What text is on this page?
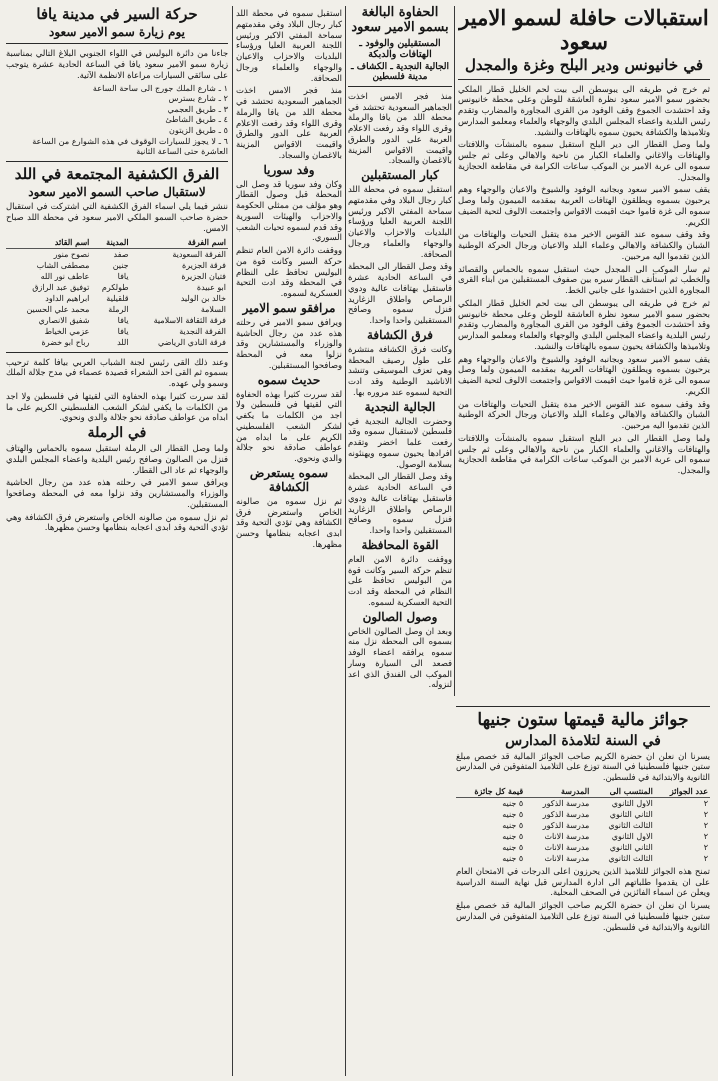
استقبالات حافلة لسمو الامير سعود
في خانيونس ودير البلح وغزة والمجدل

ثم خرج في طريقه الى يبوسطن الى بيت لحم الخليل قطار الملكي بحضور سمو الامير سعود نظرة العاشقة للوطن وعلى محطة خانيونس وقد احتشدت الجموع وقف الوفود من القرى المجاورة والمضارب وتقدم رئيس البلدية واعضاء المجلس البلدي والوجهاء والعلماء ومعلمو المدارس وتلاميذها والكشافة يحيون سموه بالهتافات والنشيد.

ولما وصل القطار الى دير البلح استقبل سموه بالمنشآت واللافتات والهتافات والاغاني والعلماء الكبار من ناحية والاهالي وعلى ثم جلس سموه الى عربة الامير بن الموكب ساعات الكرامة في مقاطعة الحجازية والمجدل.

يقف سمو الامير سعود وبجانبه الوفود والشيوخ والاعيان والوجهاء وهم يرحبون بسموه ويطلقون الهتافات العربية بمقدمه الميمون ولما وصل سموه الى غزة قاموا حيث اقيمت الاقواس واجتمعت الالوف لتحية الضيف الكريم.

وقد وقف سموه عند القوس الاخير مدة يتقبل التحيات والهتافات من الشبان والكشافة والاهالي وعلماء البلد والاعيان ورجال الحركة الوطنية الذين تقدموا اليه مرحبين.

ثم سار الموكب الى المجدل حيث استقبل سموه بالحماس والقصائد والخطب ثم استأنف القطار سيره بين صفوف المستقبلين من ابناء القرى المجاورة الذين احتشدوا على جانبي الخط.

ثم خرج في طريقه الى يبوسطن الى بيت لحم الخليل قطار الملكي بحضور سمو الامير سعود نظرة العاشقة للوطن وعلى محطة خانيونس وقد احتشدت الجموع وقف الوفود من القرى المجاورة والمضارب وتقدم رئيس البلدية واعضاء المجلس البلدي والوجهاء والعلماء ومعلمو المدارس وتلاميذها والكشافة يحيون سموه بالهتافات والنشيد.

يقف سمو الامير سعود وبجانبه الوفود والشيوخ والاعيان والوجهاء وهم يرحبون بسموه ويطلقون الهتافات العربية بمقدمه الميمون ولما وصل سموه الى غزة قاموا حيث اقيمت الاقواس واجتمعت الالوف لتحية الضيف الكريم.

وقد وقف سموه عند القوس الاخير مدة يتقبل التحيات والهتافات من الشبان والكشافة والاهالي وعلماء البلد والاعيان ورجال الحركة الوطنية الذين تقدموا اليه مرحبين.

ولما وصل القطار الى دير البلح استقبل سموه بالمنشآت واللافتات والهتافات والاغاني والعلماء الكبار من ناحية والاهالي وعلى ثم جلس سموه الى عربة الامير بن الموكب ساعات الكرامة في مقاطعة الحجازية والمجدل.

الحفاوة البالغة بسمو الامير سعود
المستقبلين والوفود ـ الهتافات والدبكة
الجالية النجدية ـ الكشاف ـ مدينة فلسطين

منذ فجر الامس اخذت الجماهير السعودية تحتشد في محطة اللد من يافا والرملة وقرى اللواء وقد رفعت الاعلام العربية على الدور والطرق واقيمت الاقواس المزينة بالاغصان والسجاد.

كبار المستقبلين

استقبل سموه في محطة اللد كبار رجال البلاد وفي مقدمتهم سماحة المفتي الاكبر ورئيس اللجنة العربية العليا ورؤساء البلديات والاحزاب والاعيان والوجهاء والعلماء ورجال الصحافة.

وقد وصل القطار الى المحطة في الساعة الحادية عشرة فاستقبل بهتافات عالية ودوي الرصاص واطلاق الزغاريد فنزل سموه وصافح المستقبلين واحدا واحدا.

فرق الكشافة

وكانت فرق الكشافة منتشرة على طول رصيف المحطة وهي تعزف الموسيقى وتنشد الاناشيد الوطنية وقد ادت التحية لسموه عند مروره بها.

الجالية النجدية

وحضرت الجالية النجدية في فلسطين لاستقبال سموه وقد رفعت علما اخضر وتقدم افرادها يحيون سموه ويهنئونه بسلامة الوصول.

وقد وصل القطار الى المحطة في الساعة الحادية عشرة فاستقبل بهتافات عالية ودوي الرصاص واطلاق الزغاريد فنزل سموه وصافح المستقبلين واحدا واحدا.

القوة المحافظة

ووقفت دائرة الامن العام تنظم حركة السير وكانت قوة من البوليس تحافظ على النظام في المحطة وقد ادت التحية العسكرية لسموه.

وصول الصالون

وبعد ان وصل الصالون الخاص بسموه الى المحطة نزل منه سموه يرافقه اعضاء الوفد فصعد الى السيارة وسار الموكب الى الفندق الذي اعد لنزوله.

استقبل سموه في محطة اللد كبار رجال البلاد وفي مقدمتهم سماحة المفتي الاكبر ورئيس اللجنة العربية العليا ورؤساء البلديات والاحزاب والاعيان والوجهاء والعلماء ورجال الصحافة.

منذ فجر الامس اخذت الجماهير السعودية تحتشد في محطة اللد من يافا والرملة وقرى اللواء وقد رفعت الاعلام العربية على الدور والطرق واقيمت الاقواس المزينة بالاغصان والسجاد.

وفد سوريا

وكان وفد سوريا قد وصل الى المحطة قبل وصول القطار وهو مؤلف من ممثلي الحكومة والاحزاب والهيئات السورية وقد قدم لسموه تحيات الشعب السوري.

ووقفت دائرة الامن العام تنظم حركة السير وكانت قوة من البوليس تحافظ على النظام في المحطة وقد ادت التحية العسكرية لسموه.

مرافقو سمو الامير

ويرافق سمو الامير في رحلته هذه عدد من رجال الحاشية والوزراء والمستشارين وقد نزلوا معه في المحطة وصافحوا المستقبلين.

حديث سموه

لقد سررت كثيرا بهذه الحفاوة التي لقيتها في فلسطين ولا اجد من الكلمات ما يكفي لشكر الشعب الفلسطيني الكريم على ما ابداه من عواطف صادقة نحو جلالة والدي ونحوي.

سموه يستعرض الكشافة

ثم نزل سموه من صالونه الخاص واستعرض فرق الكشافة وهي تؤدي التحية وقد ابدى اعجابه بنظامها وحسن مظهرها.

حركة السير في مدينة يافا
يوم زيارة سمو الامير سعود

جاءنا من دائرة البوليس في اللواء الجنوبي البلاغ التالي بمناسبة زيارة سمو الامير سعود يافا في الساعة الحادية عشرة يتوجب على سائقي السيارات مراعاة الانظمة الآتية.

١ ـ شارع الملك جورج الى ساحة الساعة
٢ ـ شارع بسترس
٣ ـ طريق العجمي
٤ ـ طريق الشاطئ
٥ ـ طريق الزيتون
٦ ـ لا يجوز للسيارات الوقوف في هذه الشوارع من الساعة العاشرة حتى الساعة الثانية
الفرق الكشفية المجتمعة في اللد
لاستقبال صاحب السمو الامير سعود

ننشر فيما يلي اسماء الفرق الكشفية التي اشتركت في استقبال حضرة صاحب السمو الملكي الامير سعود في محطة اللد صباح الامس.

اسم الفرقة	المدينة	اسم القائد
الفرقة السعودية	صفد	نصوح منور
فرقة الجزيرة	جنين	مصطفى الشاب
فتيان الجزيرة	يافا	عاطف نور الله
ابو عبيدة	طولكرم	توفيق عبد الرازق
خالد بن الوليد	قلقيلية	ابراهيم الداود
السلامة	الرملة	محمد علي الحسين
فرقة الثقافة الاسلامية	يافا	شفيق الانصاري
الفرقة النجدية	يافا	عزمي الخياط
فرقة النادي الرياضي	اللد	رباح ابو خضرة

وعند ذلك القى رئيس لجنة الشباب العربي بيافا كلمة ترحيب بسموه ثم القى احد الشعراء قصيدة عصماء في مدح جلالة الملك وسمو ولي عهده.

لقد سررت كثيرا بهذه الحفاوة التي لقيتها في فلسطين ولا اجد من الكلمات ما يكفي لشكر الشعب الفلسطيني الكريم على ما ابداه من عواطف صادقة نحو جلالة والدي ونحوي.

في الرملة

ولما وصل القطار الى الرملة استقبل سموه بالحماس والهتاف فنزل من الصالون وصافح رئيس البلدية واعضاء المجلس البلدي والوجهاء ثم عاد الى القطار.

ويرافق سمو الامير في رحلته هذه عدد من رجال الحاشية والوزراء والمستشارين وقد نزلوا معه في المحطة وصافحوا المستقبلين.

ثم نزل سموه من صالونه الخاص واستعرض فرق الكشافة وهي تؤدي التحية وقد ابدى اعجابه بنظامها وحسن مظهرها.

جوائز مالية قيمتها ستون جنيها
في السنة لتلامذة المدارس

يسرنا ان نعلن ان حضرة الكريم صاحب الجوائز المالية قد خصص مبلغ ستين جنيها فلسطينيا في السنة توزع على التلاميذ المتفوقين في المدارس الثانوية والابتدائية في فلسطين.

عدد الجوائز	المنتسب الى	المدرسة	قيمة كل جائزة
٢	الاول الثانوي	مدرسة الذكور	٥ جنيه
٢	الثاني الثانوي	مدرسة الذكور	٥ جنيه
٢	الثالث الثانوي	مدرسة الذكور	٥ جنيه
٢	الاول الثانوي	مدرسة الاناث	٥ جنيه
٢	الثاني الثانوي	مدرسة الاناث	٥ جنيه
٢	الثالث الثانوي	مدرسة الاناث	٥ جنيه

تمنح هذه الجوائز للتلاميذ الذين يحرزون اعلى الدرجات في الامتحان العام على ان يقدموا طلباتهم الى ادارة المدارس قبل نهاية السنة الدراسية ويعلن عن اسماء الفائزين في الصحف المحلية.

يسرنا ان نعلن ان حضرة الكريم صاحب الجوائز المالية قد خصص مبلغ ستين جنيها فلسطينيا في السنة توزع على التلاميذ المتفوقين في المدارس الثانوية والابتدائية في فلسطين.
